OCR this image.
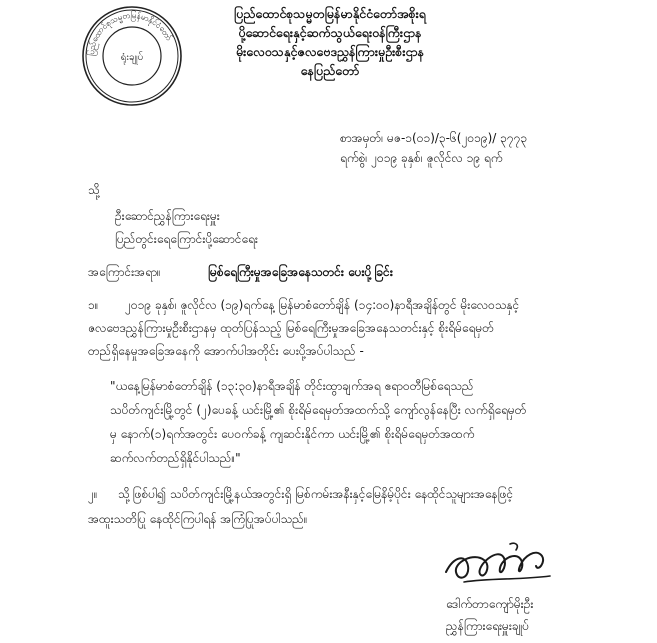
ပြည်ထောင်စုသမ္မတမြန်မာနိုင်ငံတော်
ရုံးချုပ်
ပြည်ထောင်စုသမ္မတမြန်မာနိုင်ငံတော်အစိုးရ
ပို့ဆောင်ရေးနှင့်ဆက်သွယ်ရေးဝန်ကြီးဌာန
မိုးလေဝသနှင့်ဇလဗေဒညွှန်ကြားမှုဦးစီးဌာန
နေပြည်တော်
စာအမှတ်၊ မဇ-၁(၀၁)/၃-၆(၂၀၁၉)/ ၃၇၇၃
ရက်စွဲ၊ ၂၀၁၉ ခုနှစ်၊ ဇူလိုင်လ ၁၉ ရက်
သို့
ဦးဆောင်ညွှန်ကြားရေးမှူး
ပြည်တွင်းရေကြောင်းပို့ဆောင်ရေး
အကြောင်းအရာ။	မြစ်ရေကြီးမှုအခြေအနေသတင်း ပေးပို့ခြင်း
၁။ ၂၀၁၉ ခုနှစ်၊ ဇူလိုင်လ (၁၉)ရက်နေ့ မြန်မာစံတော်ချိန် (၁၄:၀၀)နာရီအချိန်တွင် မိုးလေဝသနှင့်
ဇလဗေဒညွှန်ကြားမှုဦးစီးဌာနမှ ထုတ်ပြန်သည့် မြစ်ရေကြီးမှုအခြေအနေသတင်းနှင့် စိုးရိမ်ရေမှတ်
တည်ရှိနေမှုအခြေအနေကို အောက်ပါအတိုင်း ပေးပို့အပ်ပါသည် -
"ယနေ့မြန်မာစံတော်ချိန် (၁၃:၃၀)နာရီအချိန် တိုင်းထွာချက်အရ ဧရာဝတီမြစ်ရေသည်
သပိတ်ကျင်းမြို့တွင် (၂)ပေခန့် ယင်းမြို့၏ စိုးရိမ်ရေမှတ်အထက်သို့ ကျော်လွန်နေပြီး လက်ရှိရေမှတ်
မှ နောက်(၁)ရက်အတွင်း ပေ၀က်ခန့် ကျဆင်းနိုင်ကာ ယင်းမြို့၏ စိုးရိမ်ရေမှတ်အထက်
ဆက်လက်တည်ရှိနိုင်ပါသည်။"
၂။ သို့ဖြစ်ပါ၍ သပိတ်ကျင်းမြို့နယ်အတွင်းရှိ မြစ်ကမ်းအနီးနှင့်မြေနိမ့်ပိုင်း နေထိုင်သူများအနေဖြင့်
အထူးသတိပြု နေထိုင်ကြပါရန် အကြံပြုအပ်ပါသည်။
ဒေါက်တာကျော်မိုးဦး
ညွှန်ကြားရေးမှူးချုပ်
